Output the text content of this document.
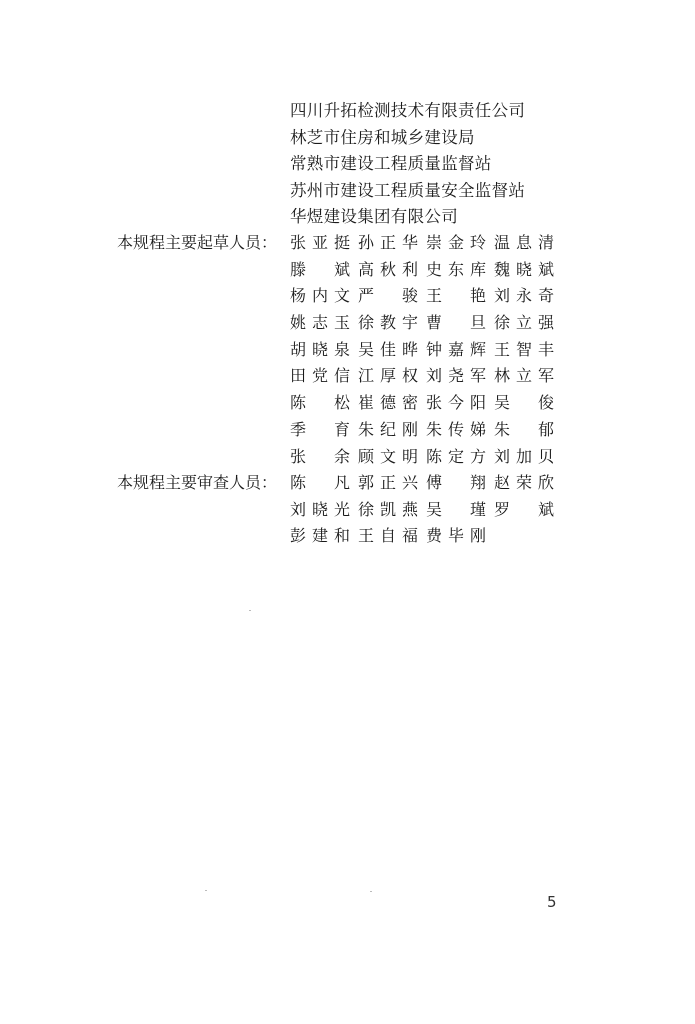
四川升拓检测技术有限责任公司
林芝市住房和城乡建设局
常熟市建设工程质量监督站
苏州市建设工程质量安全监督站
华煜建设集团有限公司
本规程主要起草人员： 张亚挺 孙正华 崇金玲 温息清
滕斌 高秋利 史东库 魏晓斌
杨内文 严骏 王艳 刘永奇
姚志玉 徐教宇 曹旦 徐立强
胡晓泉 吴佳晔 钟嘉辉 王智丰
田党信 江厚权 刘尧军 林立军
陈松 崔德密 张今阳 吴俊
季育 朱纪刚 朱传娣 朱郁
张余 顾文明 陈定方 刘加贝
本规程主要审查人员： 陈凡 郭正兴 傅翔 赵荣欣
刘晓光 徐凯燕 吴瑾 罗斌
彭建和 王自福 费毕刚
5
